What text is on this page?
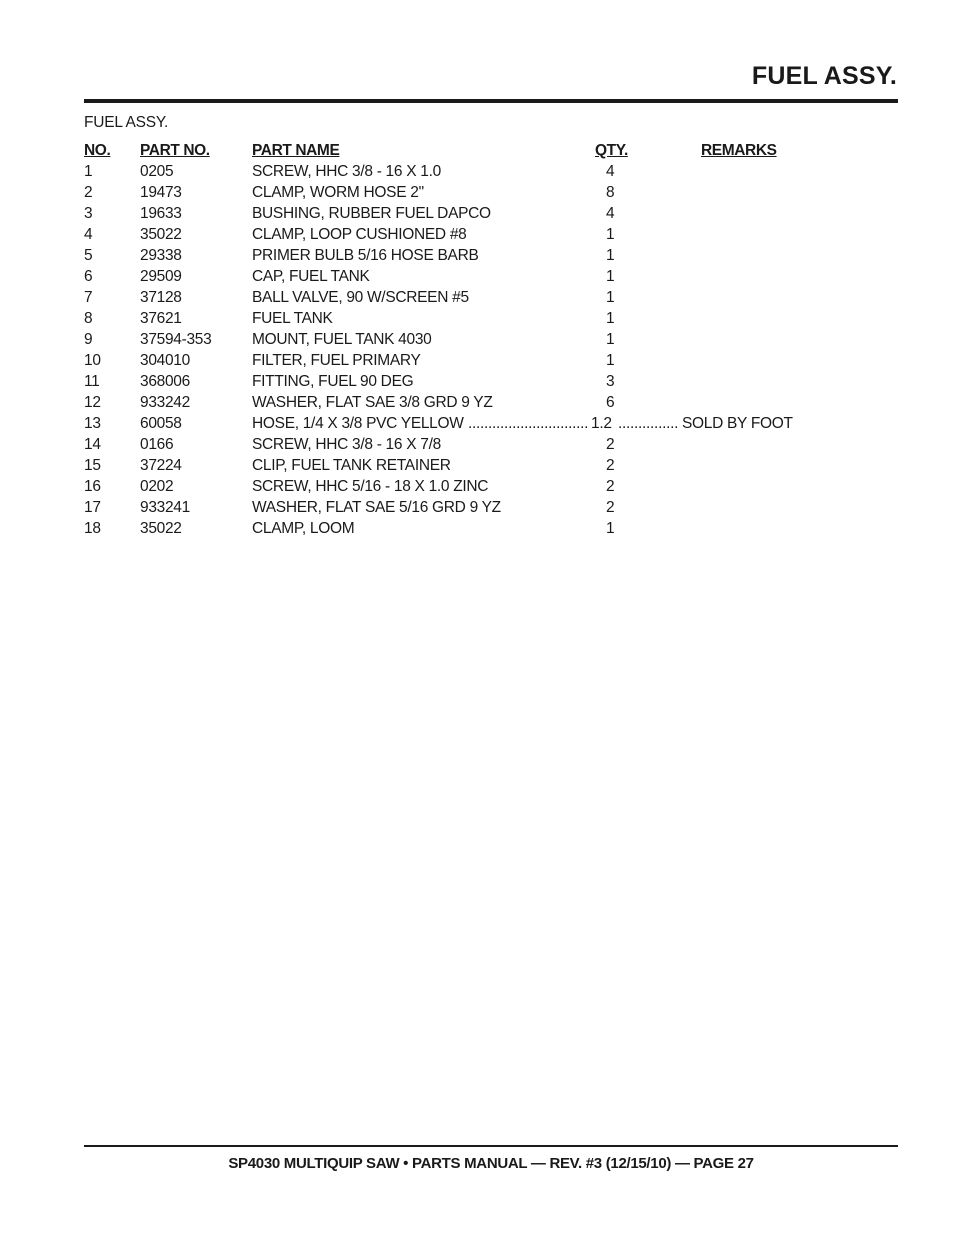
FUEL ASSY.
FUEL ASSY.
NO. PART NO.	PART NAME	QTY.	REMARKS
1	0205	SCREW, HHC 3/8 - 16 X 1.0	4
2	19473	CLAMP, WORM HOSE 2"	8
3	19633	BUSHING, RUBBER FUEL DAPCO	4
4	35022	CLAMP, LOOP CUSHIONED #8	1
5	29338	PRIMER BULB 5/16 HOSE BARB	1
6	29509	CAP, FUEL TANK	1
7	37128	BALL VALVE, 90 W/SCREEN #5	1
8	37621	FUEL TANK	1
9	37594-353	MOUNT, FUEL TANK 4030	1
10	304010	FILTER, FUEL PRIMARY	1
11	368006	FITTING, FUEL 90 DEG	3
12	933242	WASHER, FLAT SAE 3/8 GRD 9 YZ	6
13	60058	HOSE, 1/4 X 3/8 PVC YELLOW	1.2	SOLD BY FOOT
.............................. ...............
14	0166	SCREW, HHC 3/8 - 16 X 7/8	2
15	37224	CLIP, FUEL TANK RETAINER	2
16	0202	SCREW, HHC 5/16 - 18 X 1.0 ZINC	2
17	933241	WASHER, FLAT SAE 5/16 GRD 9 YZ	2
18	35022	CLAMP, LOOM	1
SP4030 MULTIQUIP SAW • PARTS MANUAL — REV. #3 (12/15/10) — PAGE 27
